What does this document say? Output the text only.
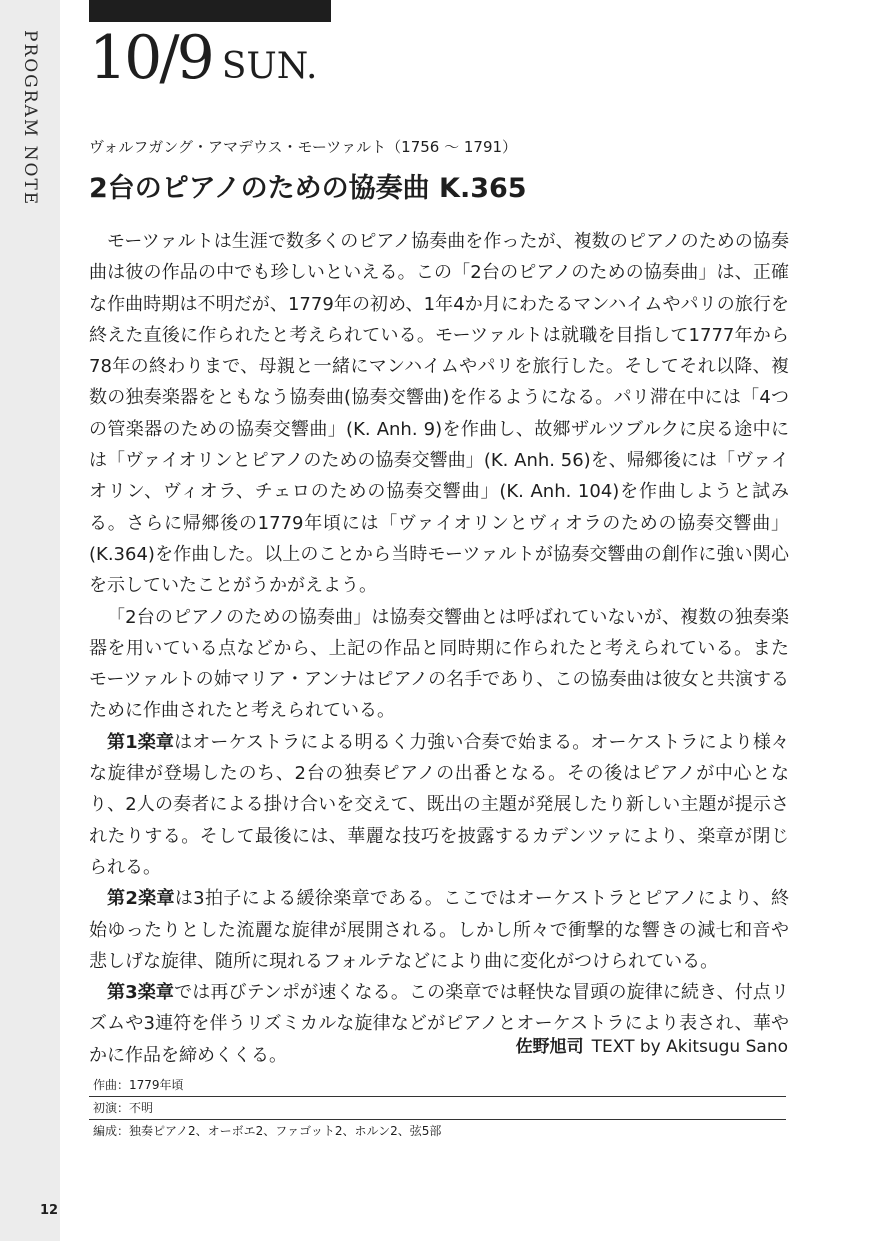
PROGRAM NOTE
12
10/9 SUN.
ヴォルフガング・アマデウス・モーツァルト（1756 ～ 1791）
2台のピアノのための協奏曲 K.365

モーツァルトは生涯で数多くのピアノ協奏曲を作ったが、複数のピアノのための協奏曲は彼の作品の中でも珍しいといえる。この「2台のピアノのための協奏曲」は、正確な作曲時期は不明だが、1779年の初め、1年4か月にわたるマンハイムやパリの旅行を終えた直後に作られたと考えられている。モーツァルトは就職を目指して1777年から78年の終わりまで、母親と一緒にマンハイムやパリを旅行した。そしてそれ以降、複数の独奏楽器をともなう協奏曲(協奏交響曲)を作るようになる。パリ滞在中には「4つの管楽器のための協奏交響曲」(K. Anh. 9)を作曲し、故郷ザルツブルクに戻る途中には「ヴァイオリンとピアノのための協奏交響曲」(K. Anh. 56)を、帰郷後には「ヴァイオリン、ヴィオラ、チェロのための協奏交響曲」(K. Anh. 104)を作曲しようと試みる。さらに帰郷後の1779年頃には「ヴァイオリンとヴィオラのための協奏交響曲」(K.364)を作曲した。以上のことから当時モーツァルトが協奏交響曲の創作に強い関心を示していたことがうかがえよう。

「2台のピアノのための協奏曲」は協奏交響曲とは呼ばれていないが、複数の独奏楽器を用いている点などから、上記の作品と同時期に作られたと考えられている。またモーツァルトの姉マリア・アンナはピアノの名手であり、この協奏曲は彼女と共演するために作曲されたと考えられている。

第1楽章はオーケストラによる明るく力強い合奏で始まる。オーケストラにより様々な旋律が登場したのち、2台の独奏ピアノの出番となる。その後はピアノが中心となり、2人の奏者による掛け合いを交えて、既出の主題が発展したり新しい主題が提示されたりする。そして最後には、華麗な技巧を披露するカデンツァにより、楽章が閉じられる。

第2楽章は3拍子による緩徐楽章である。ここではオーケストラとピアノにより、終始ゆったりとした流麗な旋律が展開される。しかし所々で衝撃的な響きの減七和音や悲しげな旋律、随所に現れるフォルテなどにより曲に変化がつけられている。

第3楽章では再びテンポが速くなる。この楽章では軽快な冒頭の旋律に続き、付点リズムや3連符を伴うリズミカルな旋律などがピアノとオーケストラにより表され、華やかに作品を締めくくる。	佐野旭司 TEXT by Akitsugu Sano
作曲：1779年頃
初演：不明
編成：独奏ピアノ2、オーボエ2、ファゴット2、ホルン2、弦5部
